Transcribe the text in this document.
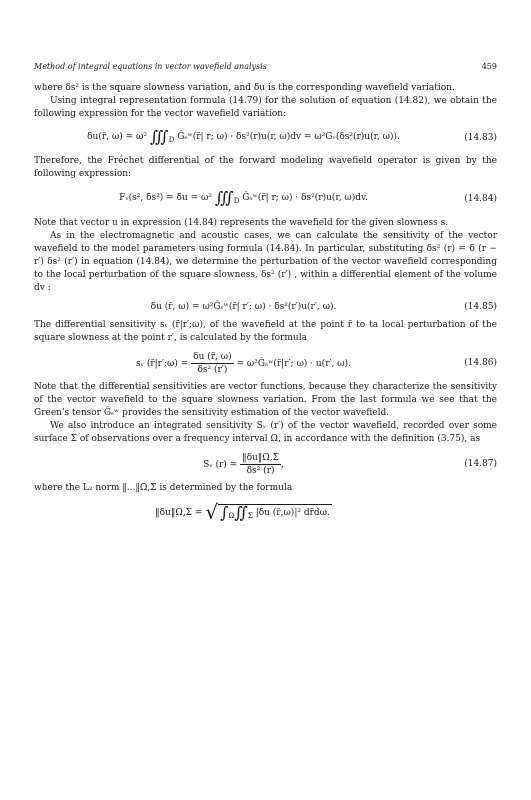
Method of integral equations in vector wavefield analysis	459

where δs² is the square slowness variation, and δu is the corresponding wavefield variation.

Using integral representation formula (14.79) for the solution of equation (14.82), we obtain the following expression for the vector wavefield variation:

δu(r̃, ω) = ω² $∭_D$ Ĝₛʷ(r̃| r; ω) · δs²(r)u(r, ω)dv = ω²Gᵥ(δs²(r)u(r, ω)).	(14.83)

Therefore, the Fréchet differential of the forward modeling wavefield operator is given by the following expression:

Fᵥ(s², δs²) = δu = ω² $∭_D$ Ĝₛʷ(r̃| r; ω) · δs²(r)u(r, ω)dv.	(14.84)

Note that vector u in expression (14.84) represents the wavefield for the given slowness s.

As in the electromagnetic and acoustic cases, we can calculate the sensitivity of the vector wavefield to the model parameters using formula (14.84). In particular, substituting δs² (r) = δ (r − r′) δs² (r′) in equation (14.84), we determine the perturbation of the vector wavefield corresponding to the local perturbation of the square slowness, δs² (r′) , within a differential element of the volume dv :

δu (r̃, ω) = ω²Ĝₛʷ(r̃| r′; ω) · δs²(r′)u(r′, ω).	(14.85)

The differential sensitivity sᵥ (r̃|r′;ω), of the wavefield at the point r̃ to ta local perturbation of the square slowness at the point r′, is calculated by the formula

sᵥ (r̃|r′;ω) = $\frac{\delta u (r̃, \omega)}{\text{δs² (r′)}}$ = ω²Ĝₛʷ(r̃|r′; ω) · u(r′, ω).	(14.86)

Note that the differential sensitivities are vector functions, because they characterize the sensitivity of the vector wavefield to the square slowness variation. From the last formula we see that the Green's tensor Ĝₛʷ provides the sensitivity estimation of the vector wavefield.

We also introduce an integrated sensitivity Sᵥ (r′) of the vector wavefield, recorded over some surface Σ of observations over a frequency interval Ω, in accordance with the definition (3.75), as

Sᵥ $(r) = \frac{‖\delta u‖\Omega,\Sigma}{\text{δs² (r)}}$ ,	(14.87)

where the L₂ norm ‖...‖Ω,Σ is determined by the formula

‖δu‖Ω,Σ = √ $\int_\Omega∬_\Sigma$ |δu (r̃,ω)|² dr̃dω.
